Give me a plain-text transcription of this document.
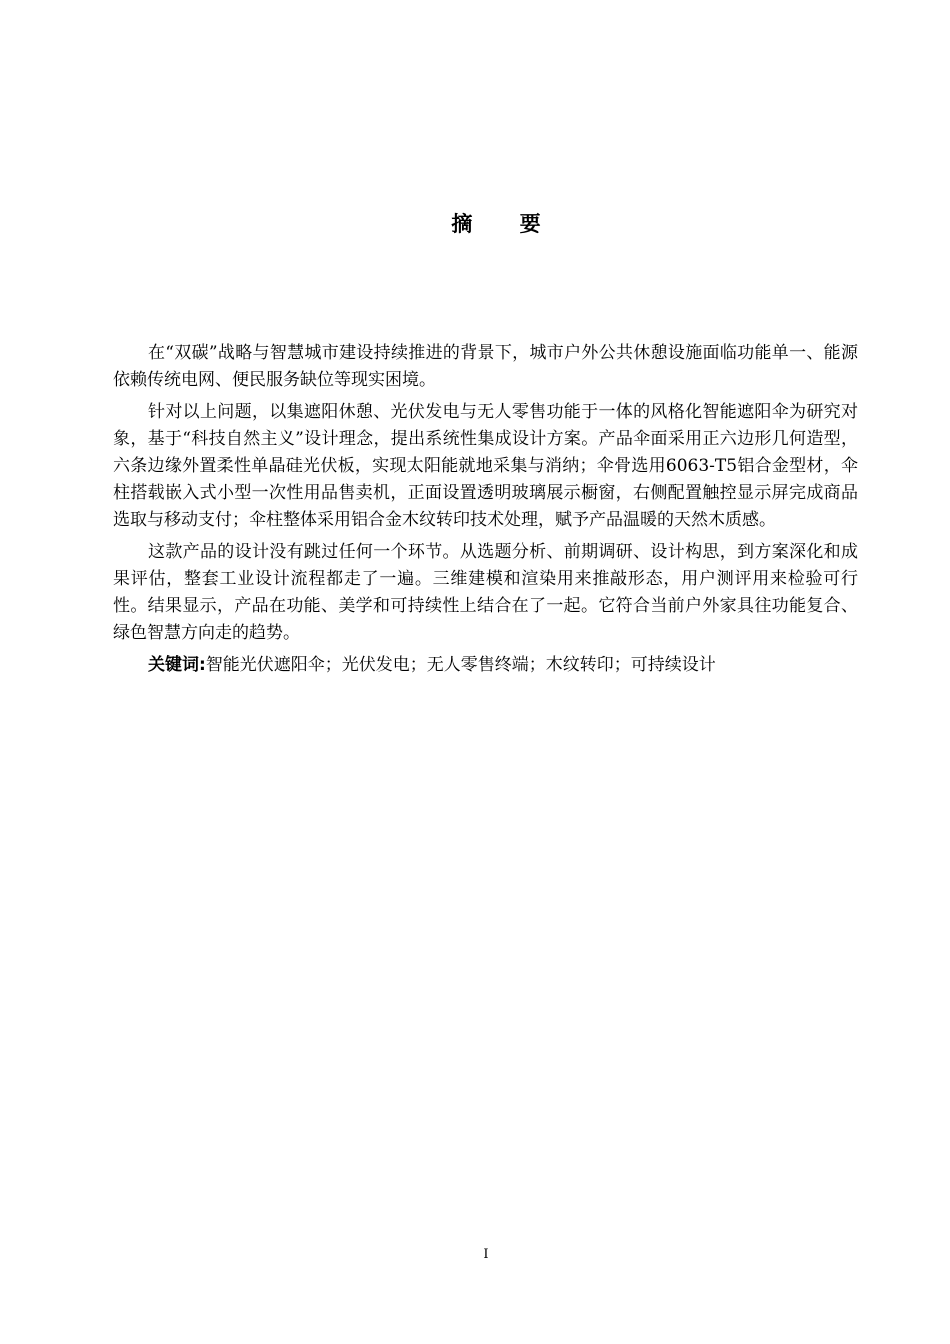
摘 要

在“双碳”战略与智慧城市建设持续推进的背景下，城市户外公共休憩设施面临功能单一、能源依赖传统电网、便民服务缺位等现实困境。

针对以上问题，以集遮阳休憩、光伏发电与无人零售功能于一体的风格化智能遮阳伞为研究对象，基于“科技自然主义”设计理念，提出系统性集成设计方案。产品伞面采用正六边形几何造型，六条边缘外置柔性单晶硅光伏板，实现太阳能就地采集与消纳；伞骨选用6063-T5铝合金型材，伞柱搭载嵌入式小型一次性用品售卖机，正面设置透明玻璃展示橱窗，右侧配置触控显示屏完成商品选取与移动支付；伞柱整体采用铝合金木纹转印技术处理，赋予产品温暖的天然木质感。

这款产品的设计没有跳过任何一个环节。从选题分析、前期调研、设计构思，到方案深化和成果评估，整套工业设计流程都走了一遍。三维建模和渲染用来推敲形态，用户测评用来检验可行性。结果显示，产品在功能、美学和可持续性上结合在了一起。它符合当前户外家具往功能复合、绿色智慧方向走的趋势。

关键词:智能光伏遮阳伞；光伏发电；无人零售终端；木纹转印；可持续设计

I
